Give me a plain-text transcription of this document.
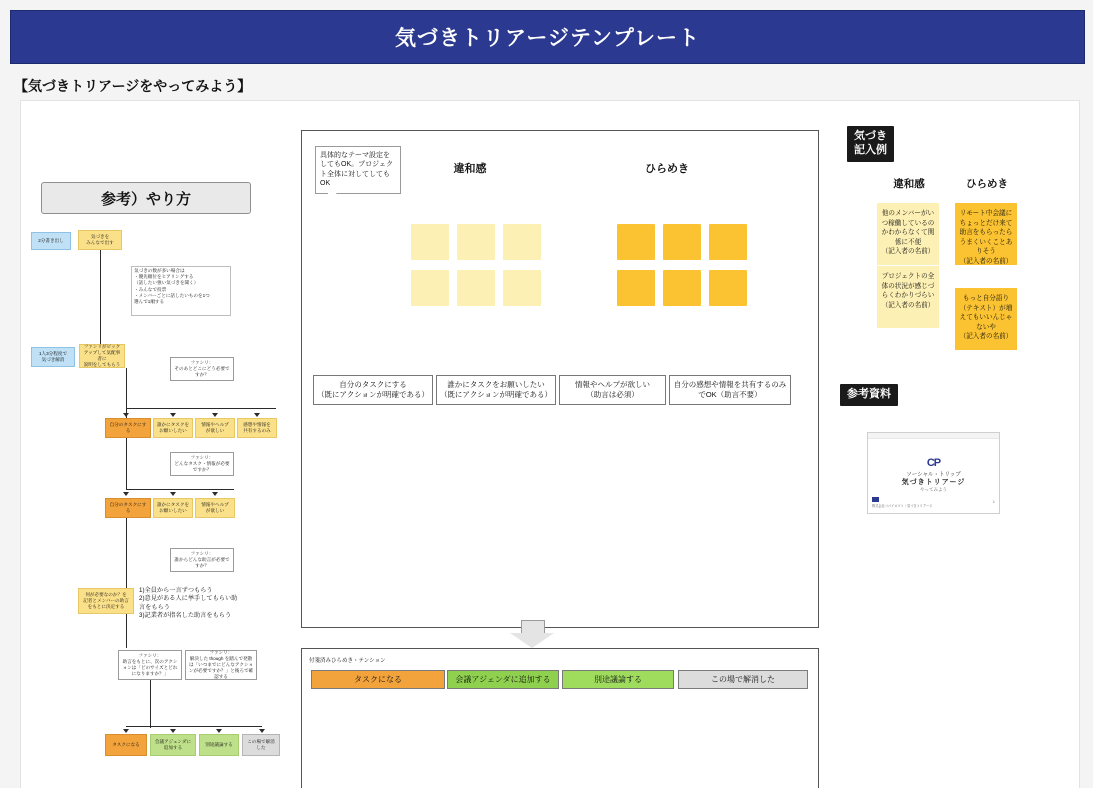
気づきトリアージテンプレート
【気づきトリアージをやってみよう】
参考）やり方
2分書き出し
気づきを
みんなで出す
気づきの数が多い場合は
・優先順位をヒアリングする
（話したい強い気づきを聞く）
・みんなで投票
・メンバーごとに話したいものを1つ
選んで1順する
1人3分程度で
気づき解消
ファシリがピックアップして気配事者に
説明をしてもらう	ファシリ：
そのあとどこにどう必要ですか？
自分のタスクにする
誰かにタスクを
お願いしたい
情報やヘルプ
が欲しい
感想や情報を
共有するのみ
ファシリ：
どんなタスク・情報が必要ですか？
自分のタスクにする
誰かにタスクを
お願いしたい
情報やヘルプ
が欲しい
ファシリ：
誰からどんな助言が必要ですか？
何が必要なのか？を
記者とメンバーの助言
をもとに決定する
1)全員から一言ずつもらう
2)意見がある人に挙手してもらい助言をもらう
3)記業者が指名した助言をもらう
ファシリ：
助言をもとに、次のアクションは「どのサイズとどれになりますか？」
ファシリ：
解決した though を踏んで発散は「いつまでにどんなアクションが必要ですか？」と後ろで確認する
タスクになる
会議アジェンダに追加する
別途議論する
この場で解消した
具体的なテーマ設定をしてもOK。プロジェクト全体に対してしてもOK
違和感	ひらめき
自分のタスクにする
（既にアクションが明確である）
誰かにタスクをお願いしたい
（既にアクションが明確である）
情報やヘルプが欲しい
（助言は必須）
自分の感想や情報を共有するのみ
でOK（助言不要）
付箋済みひらめき・テンション
タスクになる	会議アジェンダに追加する	別途議論する	この場で解消した
気づき
記入例
違和感	ひらめき
他のメンバーがいつ稼働しているのかわからなくて関係に不便
（記入者の名前）
リモート中会議にちょっとだけ来て助言をもらったらうまくいくことあ りそう
（記入者の名前）
プロジェクトの全体の状況が感じづらくわかりづらい
（記入者の名前）
もっと自分語り（テキスト）が増えてもいいんじゃないや
（記入者の名前）
参考資料
CP
ソーシャル・トリップ
気づきトリアージ
やってみよう
株式会社コパイロツト｜気づきトリアージ
1
